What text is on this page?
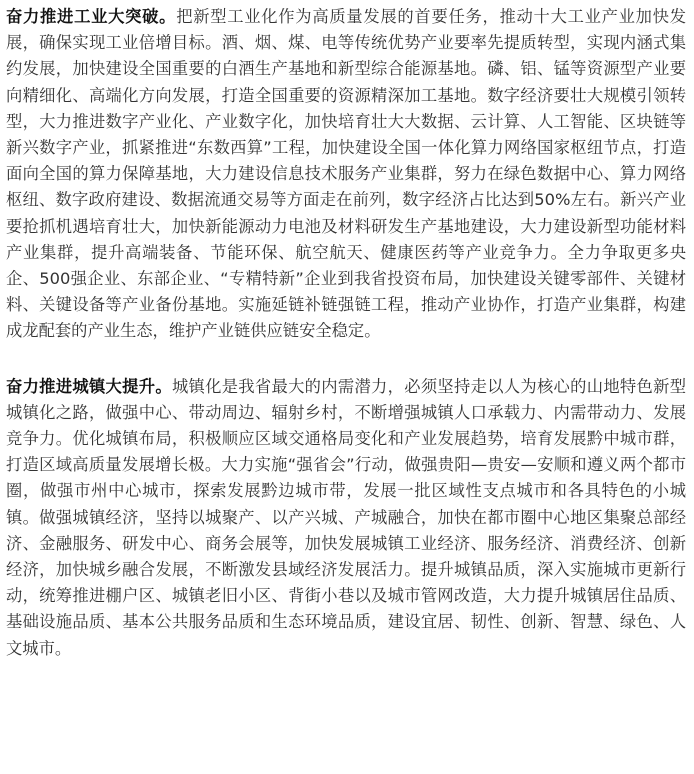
奋力推进工业大突破。把新型工业化作为高质量发展的首要任务，推动十大工业产业加快发展，确保实现工业倍增目标。酒、烟、煤、电等传统优势产业要率先提质转型，实现内涵式集约发展，加快建设全国重要的白酒生产基地和新型综合能源基地。磷、铝、锰等资源型产业要向精细化、高端化方向发展，打造全国重要的资源精深加工基地。数字经济要壮大规模引领转型，大力推进数字产业化、产业数字化，加快培育壮大大数据、云计算、人工智能、区块链等新兴数字产业，抓紧推进“东数西算”工程，加快建设全国一体化算力网络国家枢纽节点，打造面向全国的算力保障基地，大力建设信息技术服务产业集群，努力在绿色数据中心、算力网络枢纽、数字政府建设、数据流通交易等方面走在前列，数字经济占比达到50%左右。新兴产业要抢抓机遇培育壮大，加快新能源动力电池及材料研发生产基地建设，大力建设新型功能材料产业集群，提升高端装备、节能环保、航空航天、健康医药等产业竞争力。全力争取更多央企、500强企业、东部企业、“专精特新”企业到我省投资布局，加快建设关键零部件、关键材料、关键设备等产业备份基地。实施延链补链强链工程，推动产业协作，打造产业集群，构建成龙配套的产业生态，维护产业链供应链安全稳定。

奋力推进城镇大提升。城镇化是我省最大的内需潜力，必须坚持走以人为核心的山地特色新型城镇化之路，做强中心、带动周边、辐射乡村，不断增强城镇人口承载力、内需带动力、发展竞争力。优化城镇布局，积极顺应区域交通格局变化和产业发展趋势，培育发展黔中城市群，打造区域高质量发展增长极。大力实施“强省会”行动，做强贵阳—贵安—安顺和遵义两个都市圈，做强市州中心城市，探索发展黔边城市带，发展一批区域性支点城市和各具特色的小城镇。做强城镇经济，坚持以城聚产、以产兴城、产城融合，加快在都市圈中心地区集聚总部经济、金融服务、研发中心、商务会展等，加快发展城镇工业经济、服务经济、消费经济、创新经济，加快城乡融合发展，不断激发县域经济发展活力。提升城镇品质，深入实施城市更新行动，统筹推进棚户区、城镇老旧小区、背街小巷以及城市管网改造，大力提升城镇居住品质、基础设施品质、基本公共服务品质和生态环境品质，建设宜居、韧性、创新、智慧、绿色、人文城市。
